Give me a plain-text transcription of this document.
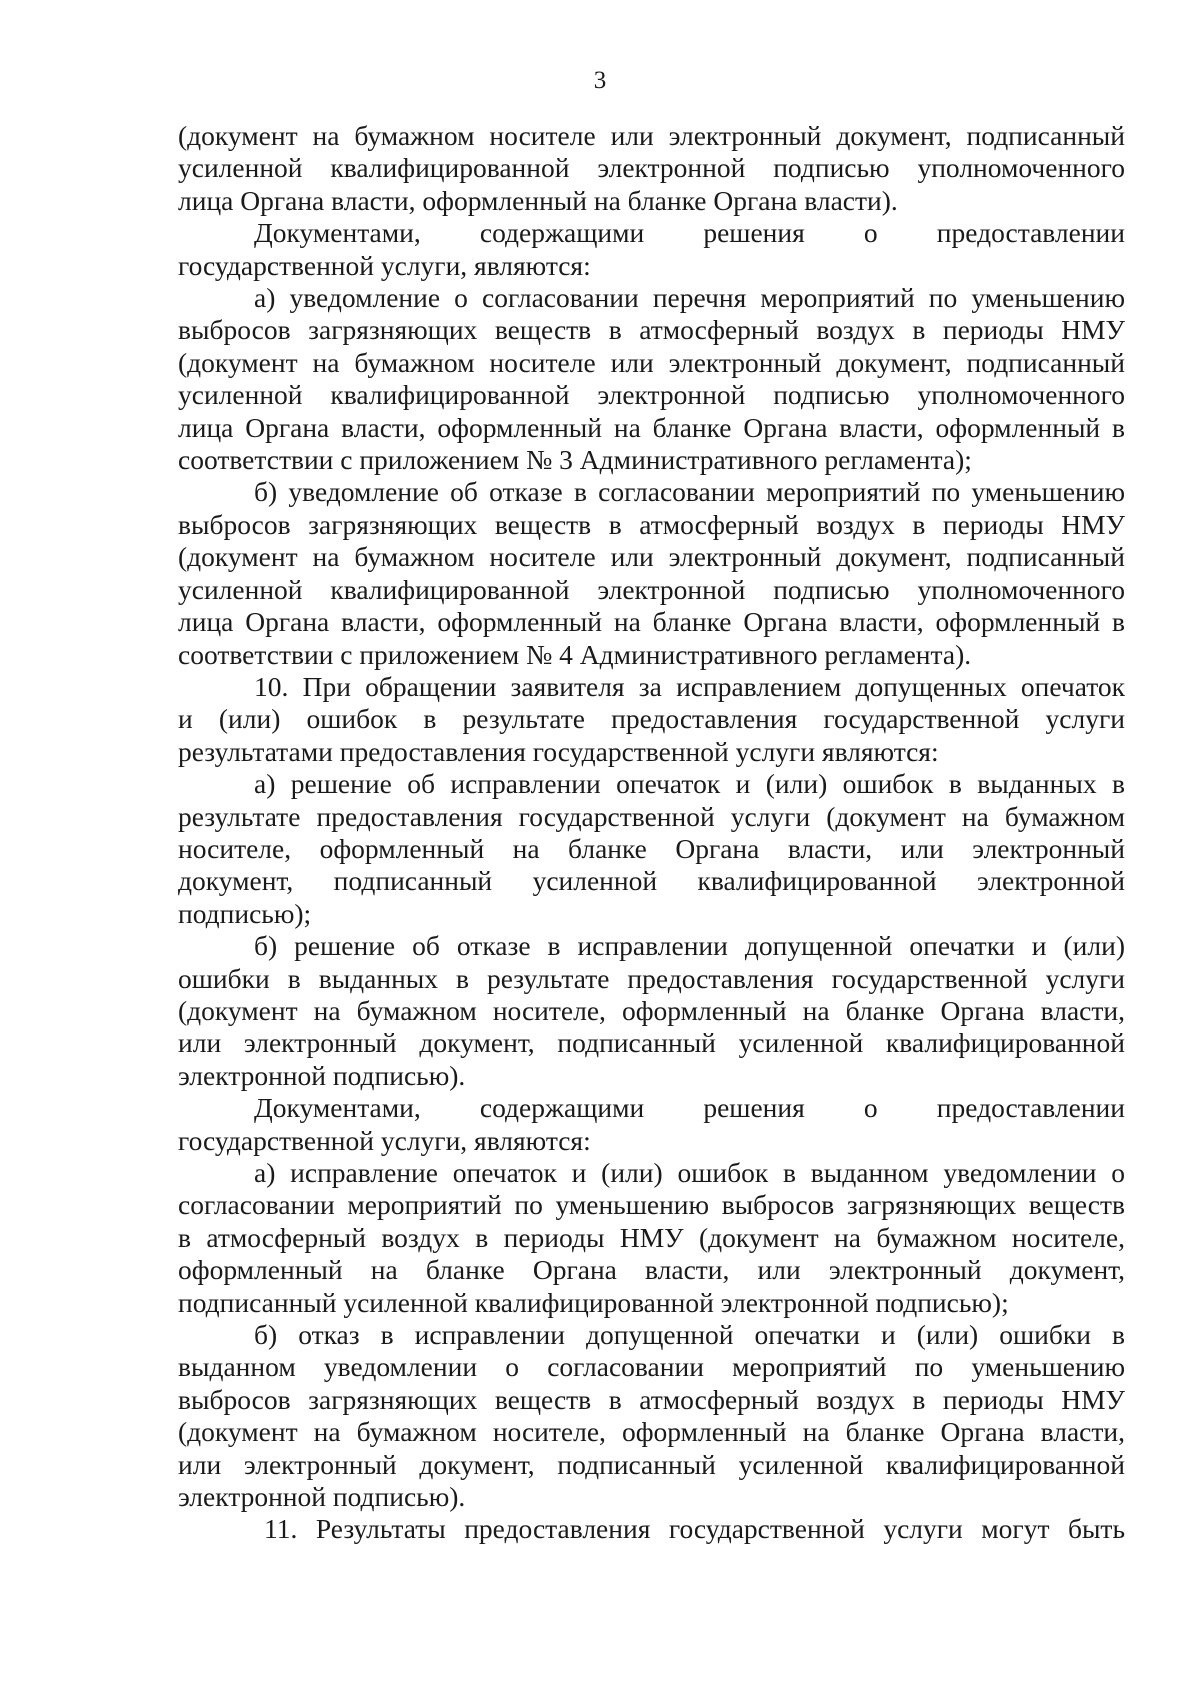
3

(документ на бумажном носителе или электронный документ, подписанный
усиленной квалифицированной электронной подписью уполномоченного
лица Органа власти, оформленный на бланке Органа власти).

Документами, содержащими решения о предоставлении
государственной услуги, являются:

а) уведомление о согласовании перечня мероприятий по уменьшению
выбросов загрязняющих веществ в атмосферный воздух в периоды НМУ
(документ на бумажном носителе или электронный документ, подписанный
усиленной квалифицированной электронной подписью уполномоченного
лица Органа власти, оформленный на бланке Органа власти, оформленный в
соответствии с приложением № 3 Административного регламента);

б) уведомление об отказе в согласовании мероприятий по уменьшению
выбросов загрязняющих веществ в атмосферный воздух в периоды НМУ
(документ на бумажном носителе или электронный документ, подписанный
усиленной квалифицированной электронной подписью уполномоченного
лица Органа власти, оформленный на бланке Органа власти, оформленный в
соответствии с приложением № 4 Административного регламента).

10. При обращении заявителя за исправлением допущенных опечаток
и (или) ошибок в результате предоставления государственной услуги
результатами предоставления государственной услуги являются:

а) решение об исправлении опечаток и (или) ошибок в выданных в
результате предоставления государственной услуги (документ на бумажном
носителе, оформленный на бланке Органа власти, или электронный
документ, подписанный усиленной квалифицированной электронной
подписью);

б) решение об отказе в исправлении допущенной опечатки и (или)
ошибки в выданных в результате предоставления государственной услуги
(документ на бумажном носителе, оформленный на бланке Органа власти,
или электронный документ, подписанный усиленной квалифицированной
электронной подписью).

Документами, содержащими решения о предоставлении
государственной услуги, являются:

а) исправление опечаток и (или) ошибок в выданном уведомлении о
согласовании мероприятий по уменьшению выбросов загрязняющих веществ
в атмосферный воздух в периоды НМУ (документ на бумажном носителе,
оформленный на бланке Органа власти, или электронный документ,
подписанный усиленной квалифицированной электронной подписью);

б) отказ в исправлении допущенной опечатки и (или) ошибки в
выданном уведомлении о согласовании мероприятий по уменьшению
выбросов загрязняющих веществ в атмосферный воздух в периоды НМУ
(документ на бумажном носителе, оформленный на бланке Органа власти,
или электронный документ, подписанный усиленной квалифицированной
электронной подписью).

11. Результаты предоставления государственной услуги могут быть
